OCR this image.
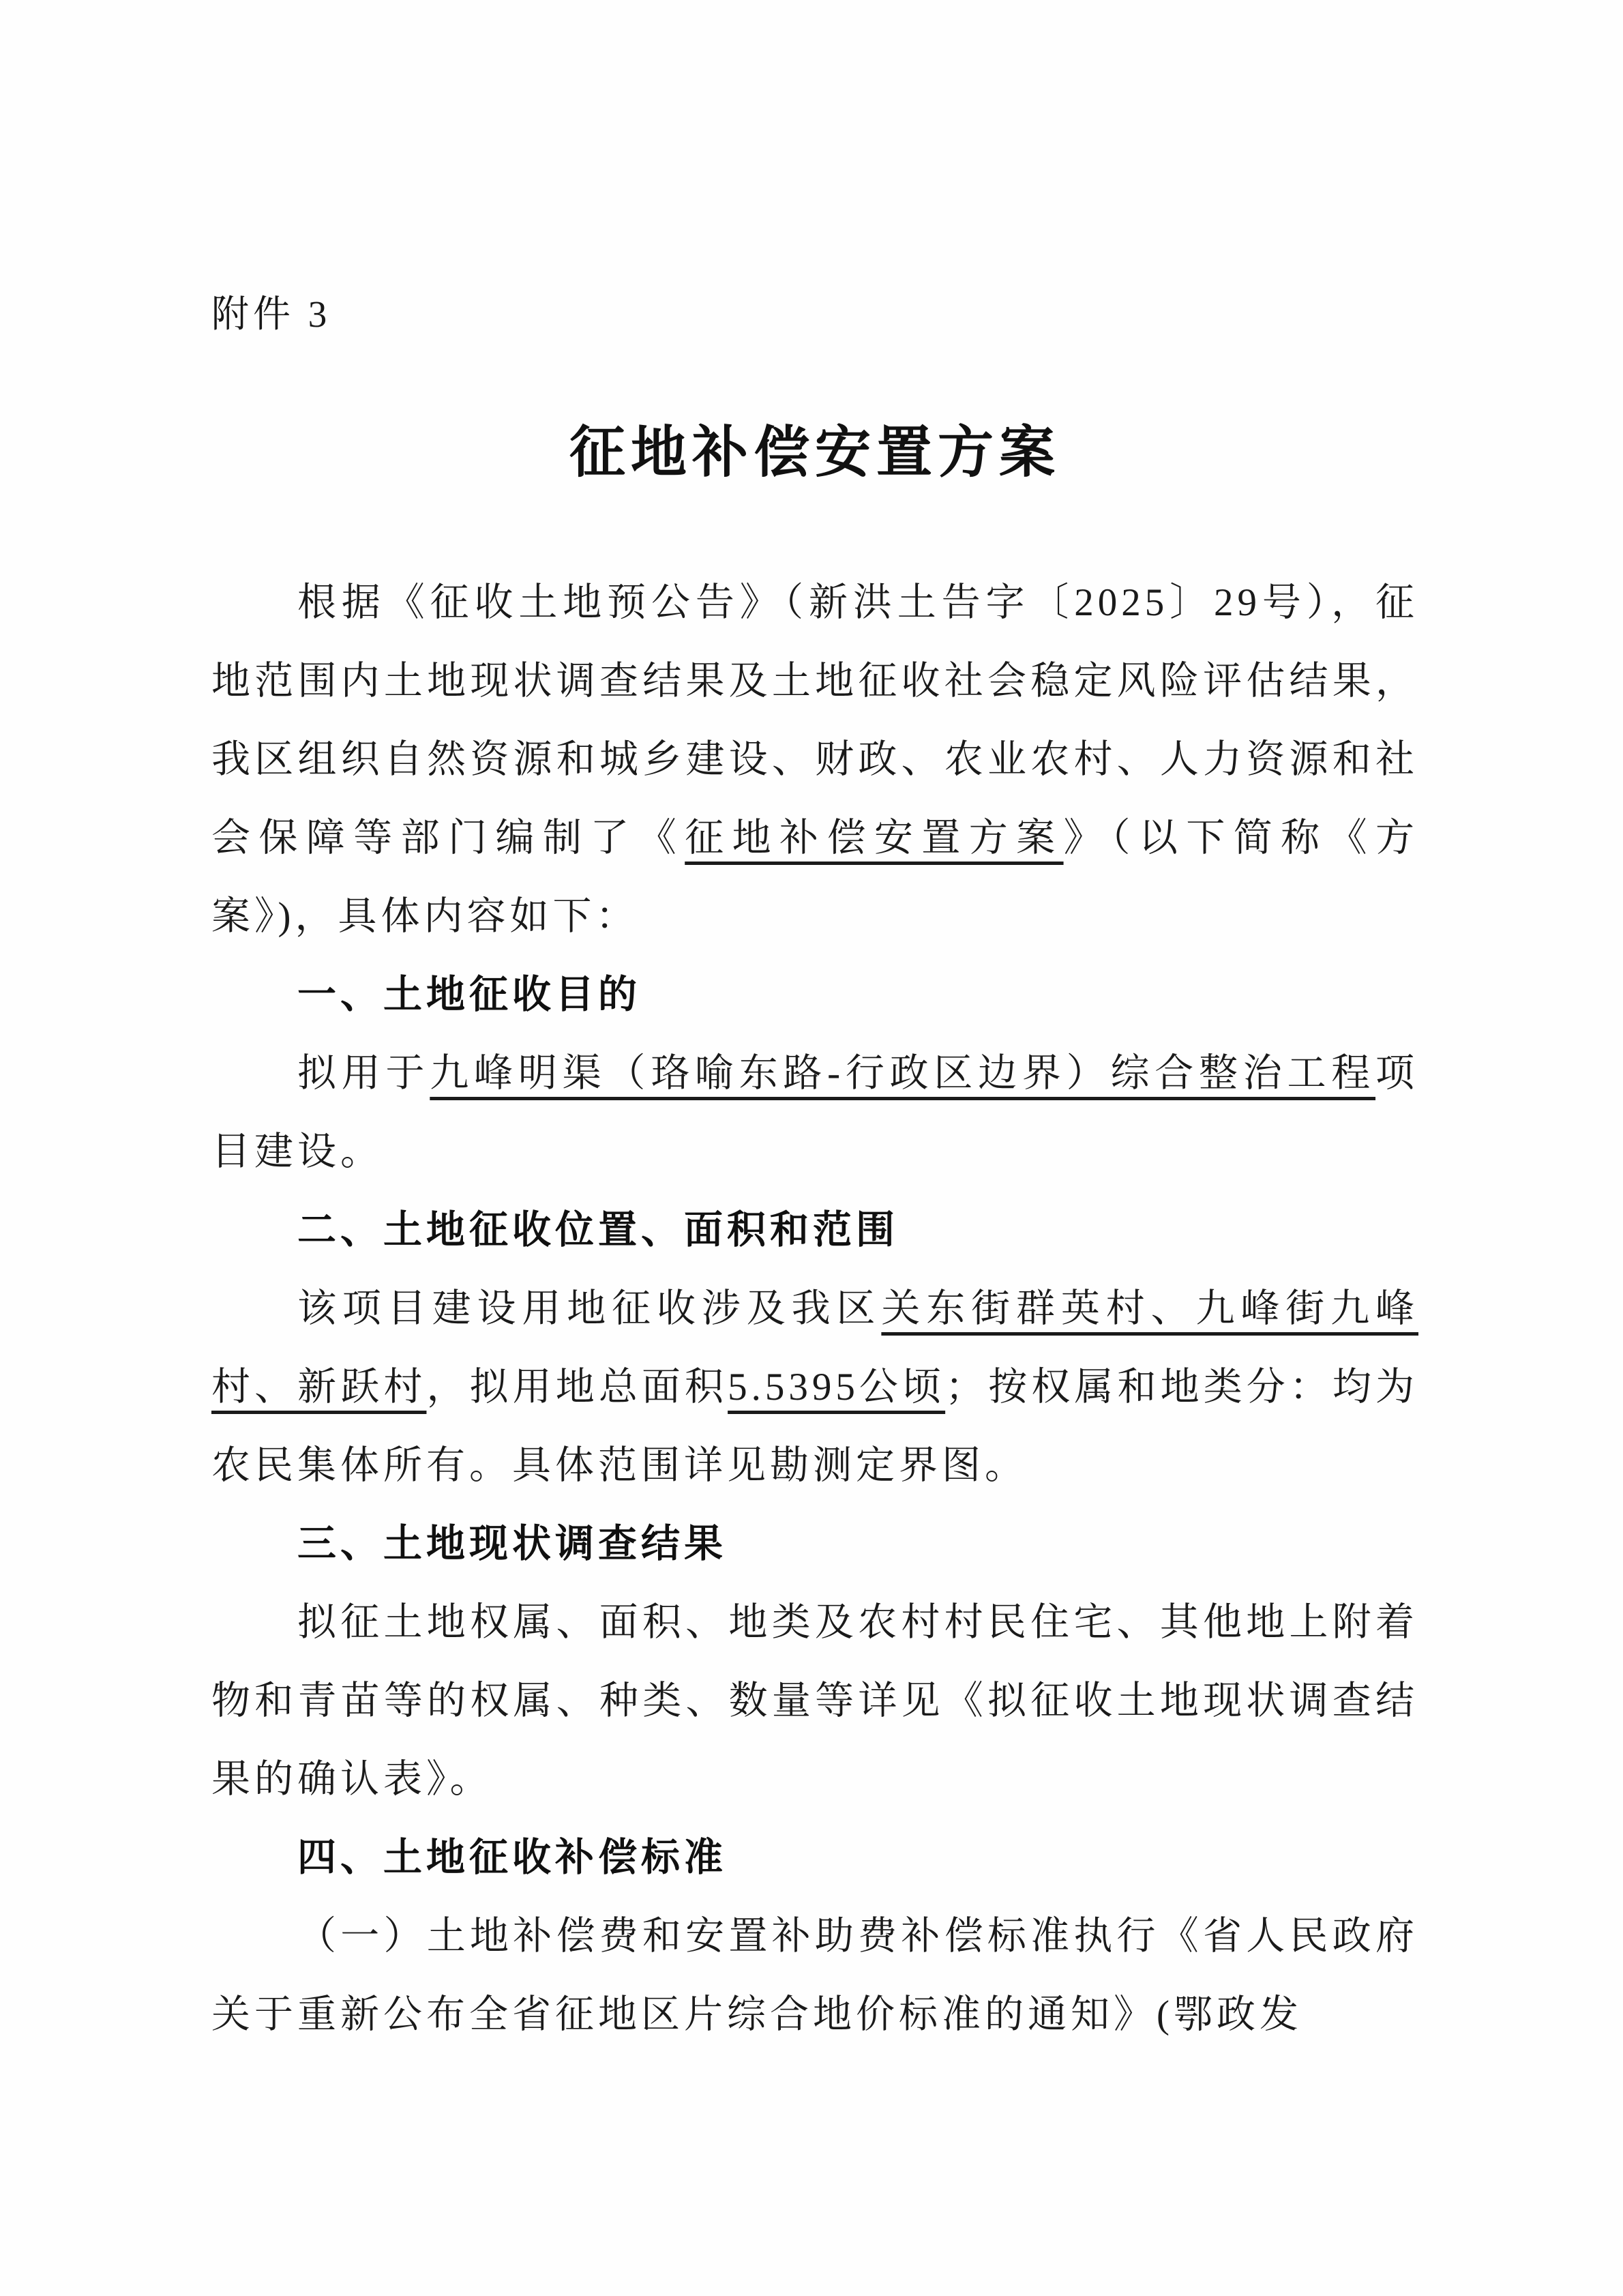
附件 3
征地补偿安置方案

根据《征收土地预公告》（新洪土告字〔2025〕29号），征地范围内土地现状调查结果及土地征收社会稳定风险评估结果，我区组织自然资源和城乡建设、财政、农业农村、人力资源和社会保障等部门编制了《征地补偿安置方案》（以下简称《方案》)，具体内容如下：

一、土地征收目的

拟用于九峰明渠（珞喻东路-行政区边界）综合整治工程项目建设。

二、土地征收位置、面积和范围

该项目建设用地征收涉及我区关东街群英村、九峰街九峰村、新跃村，拟用地总面积5.5395公顷；按权属和地类分：均为农民集体所有。具体范围详见勘测定界图。

三、土地现状调查结果

拟征土地权属、面积、地类及农村村民住宅、其他地上附着物和青苗等的权属、种类、数量等详见《拟征收土地现状调查结果的确认表》。

四、土地征收补偿标准

（一）土地补偿费和安置补助费补偿标准执行《省人民政府关于重新公布全省征地区片综合地价标准的通知》(鄂政发
